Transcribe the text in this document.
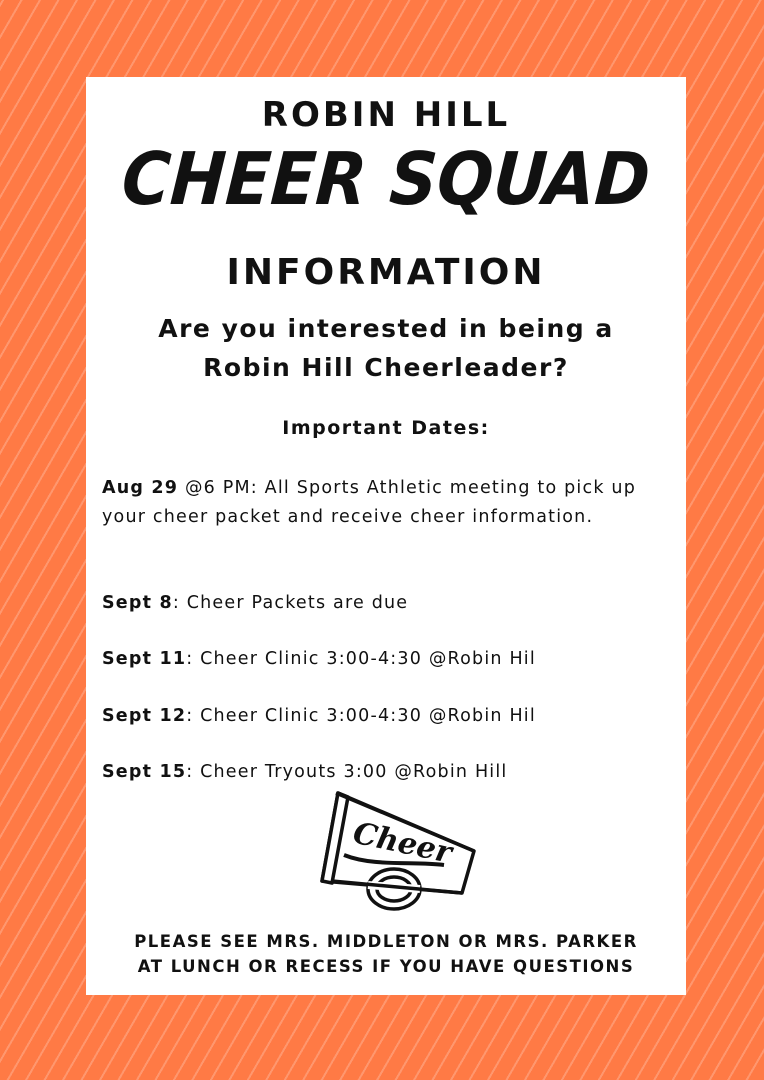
ROBIN HILL
CHEER SQUAD
INFORMATION
Are you interested in being a
Robin Hill Cheerleader?
Important Dates:
Aug 29 @6 PM: All Sports Athletic meeting to pick up your cheer packet and receive cheer information.
Sept 8: Cheer Packets are due
Sept 11: Cheer Clinic 3:00-4:30 @Robin Hil
Sept 12: Cheer Clinic 3:00-4:30 @Robin Hil
Sept 15: Cheer Tryouts 3:00 @Robin Hill
Cheer
PLEASE SEE MRS. MIDDLETON OR MRS. PARKER
AT LUNCH OR RECESS IF YOU HAVE QUESTIONS
